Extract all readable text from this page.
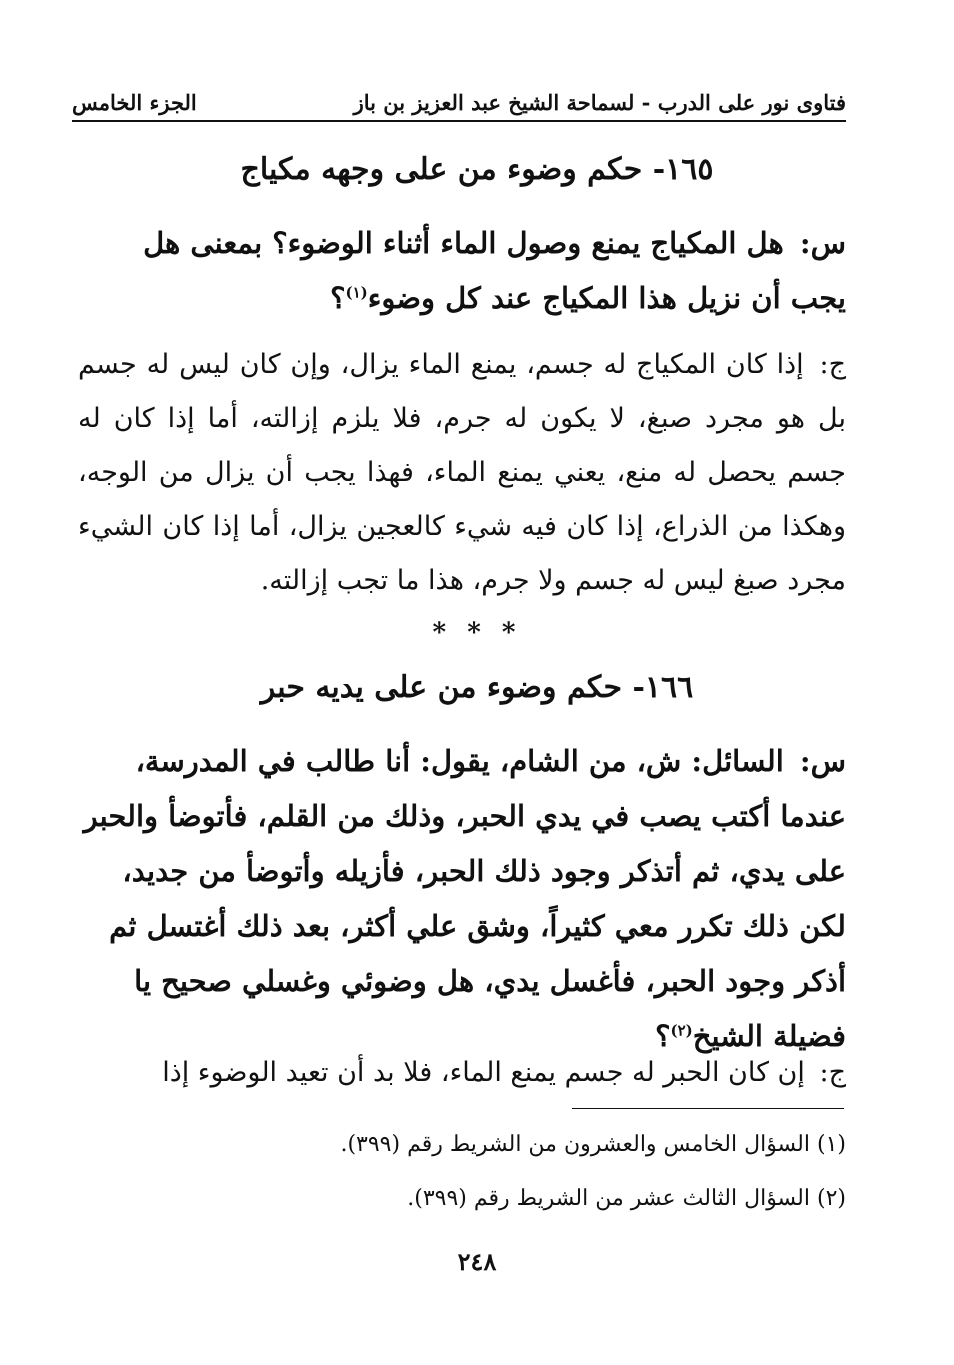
فتاوى نور على الدرب - لسماحة الشيخ عبد العزيز بن باز
الجزء الخامس
١٦٥- حكم وضوء من على وجهه مكياج
س: هل المكياج يمنع وصول الماء أثناء الوضوء؟ بمعنى هل يجب أن نزيل هذا المكياج عند كل وضوء$^{(١)}$؟
ج: إذا كان المكياج له جسم، يمنع الماء يزال، وإن كان ليس له جسم بل هو مجرد صبغ، لا يكون له جرم، فلا يلزم إزالته، أما إذا كان له جسم يحصل له منع، يعني يمنع الماء، فهذا يجب أن يزال من الوجه، وهكذا من الذراع، إذا كان فيه شيء كالعجين يزال، أما إذا كان الشيء مجرد صبغ ليس له جسم ولا جرم، هذا ما تجب إزالته.
* * *
١٦٦- حكم وضوء من على يديه حبر
س: السائل: ش، من الشام، يقول: أنا طالب في المدرسة، عندما أكتب يصب في يدي الحبر، وذلك من القلم، فأتوضأ والحبر على يدي، ثم أتذكر وجود ذلك الحبر، فأزيله وأتوضأ من جديد، لكن ذلك تكرر معي كثيراً، وشق علي أكثر، بعد ذلك أغتسل ثم أذكر وجود الحبر، فأغسل يدي، هل وضوئي وغسلي صحيح يا فضيلة الشيخ$^{(٢)}$؟
ج: إن كان الحبر له جسم يمنع الماء، فلا بد أن تعيد الوضوء إذا
(١) السؤال الخامس والعشرون من الشريط رقم (٣٩٩).
(٢) السؤال الثالث عشر من الشريط رقم (٣٩٩).
٢٤٨
